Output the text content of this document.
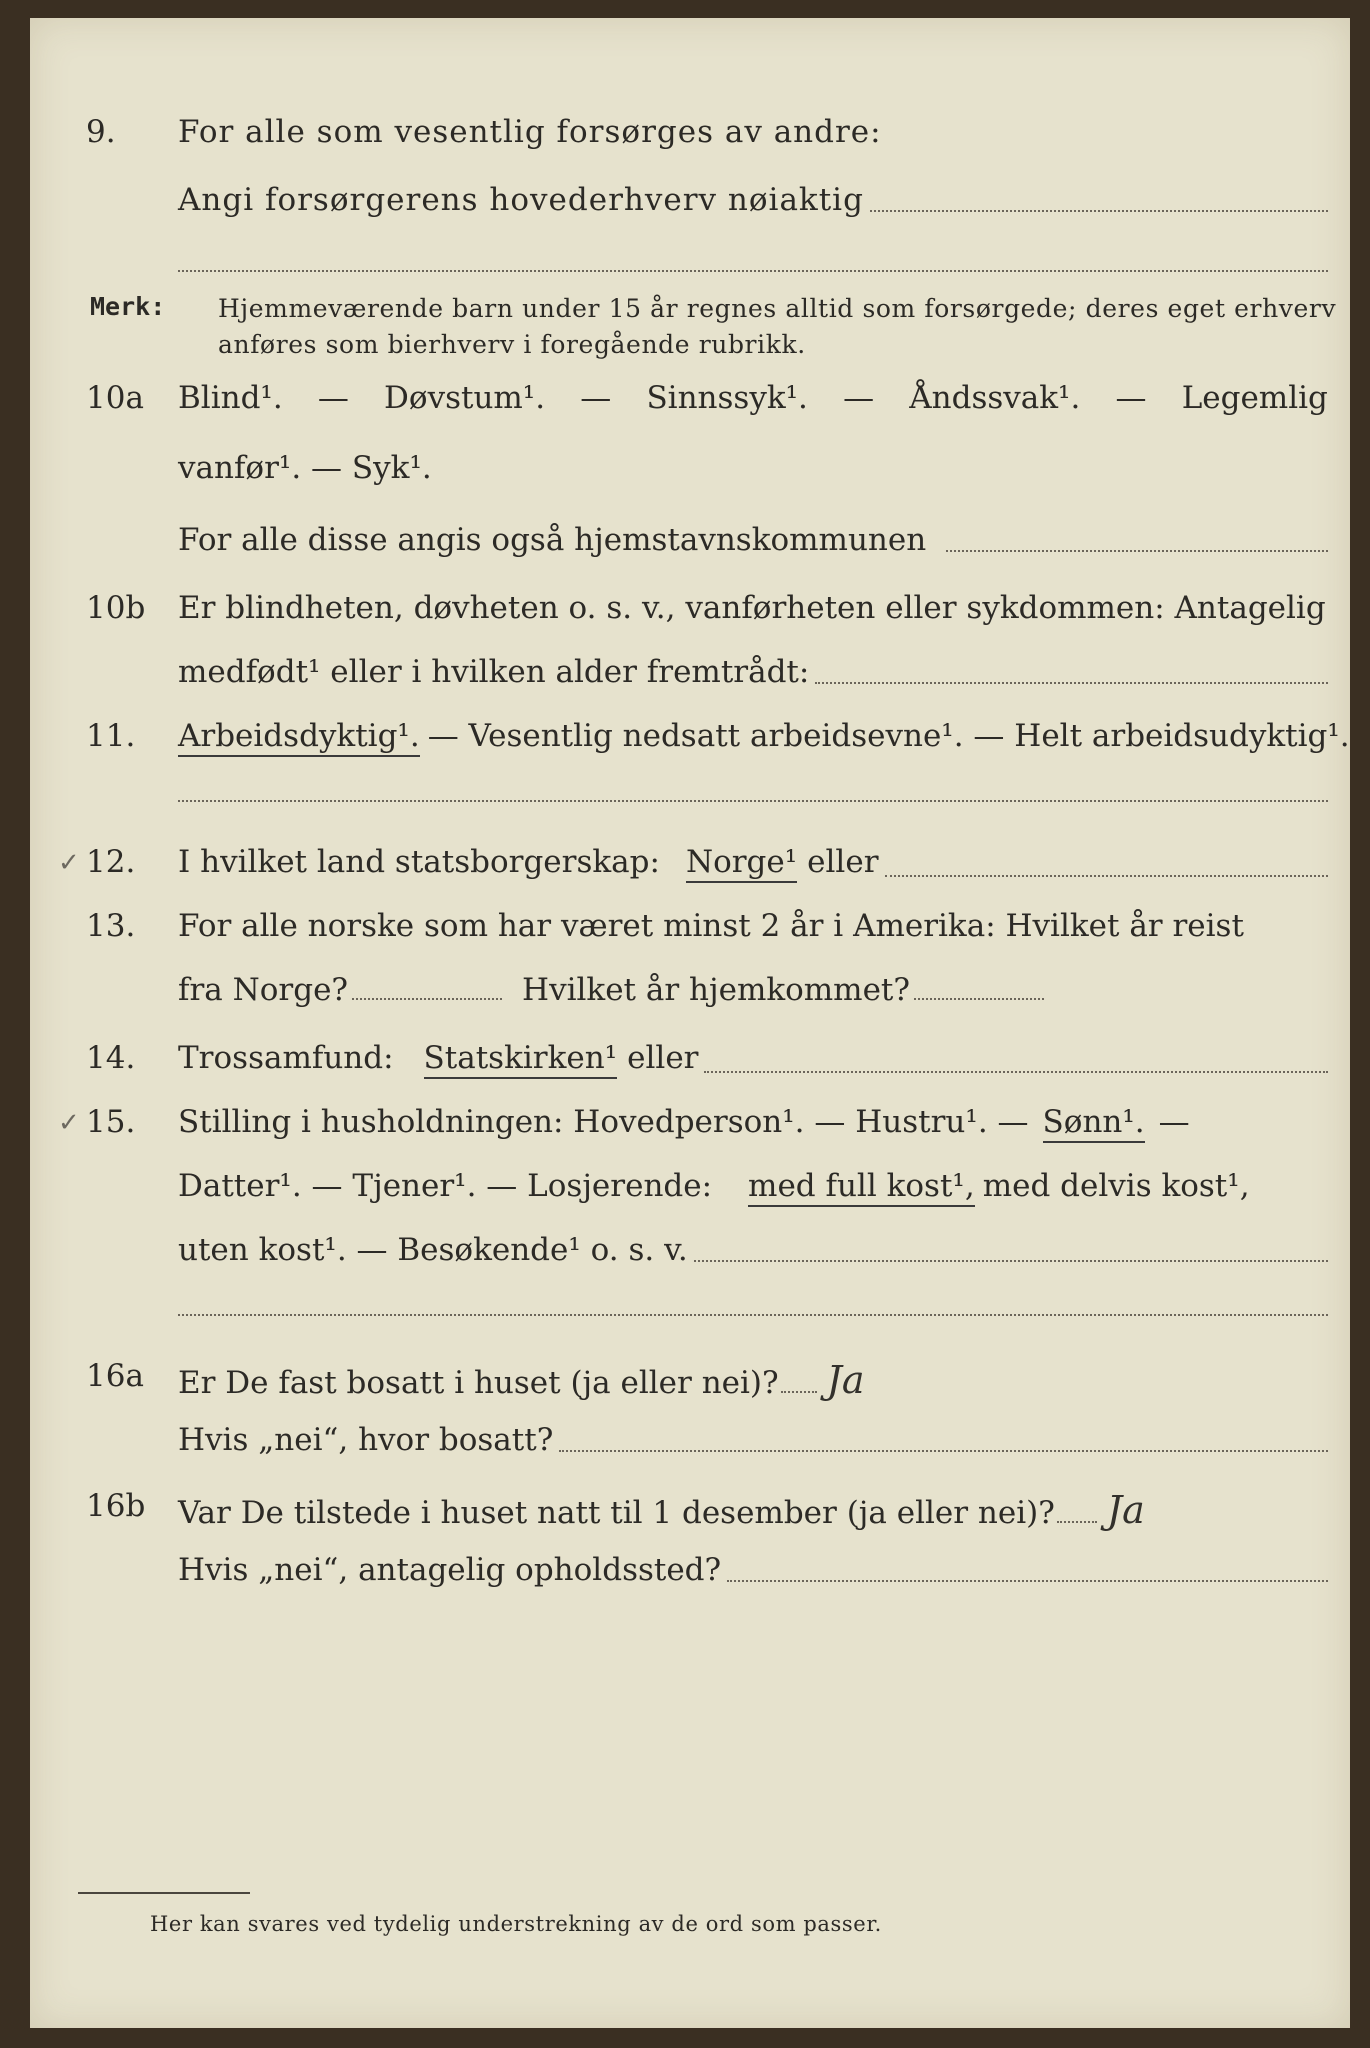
9. For alle som vesentlig forsørges av andre:
Angi forsørgerens hovederhverv nøiaktig
Merk: Hjemmeværende barn under 15 år regnes alltid som forsørgede; deres eget erhverv
anføres som bierhverv i foregående rubrikk.
10a Blind¹. — Døvstum¹. — Sinnssyk¹. — Åndssvak¹. — Legemlig
vanfør¹. — Syk¹.
For alle disse angis også hjemstavnskommunen
10b Er blindheten, døvheten o. s. v., vanførheten eller sykdommen: Antagelig
medfødt¹ eller i hvilken alder fremtrådt:
11. Arbeidsdyktig¹. — Vesentlig nedsatt arbeidsevne¹. — Helt arbeidsudyktig¹.
✓ 12. I hvilket land statsborgerskap: Norge¹ eller
13. For alle norske som har været minst 2 år i Amerika: Hvilket år reist
fra Norge?	Hvilket år hjemkommet?
14. Trossamfund: Statskirken¹ eller
✓ 15. Stilling i husholdningen: Hovedperson¹. — Hustru¹. — Sønn¹. —
Datter¹. — Tjener¹. — Losjerende: med full kost¹, med delvis kost¹,
uten kost¹. — Besøkende¹ o. s. v.
16a Er De fast bosatt i huset (ja eller nei)? Ja
Hvis „nei“, hvor bosatt?
16b Var De tilstede i huset natt til 1 desember (ja eller nei)? Ja
Hvis „nei“, antagelig opholdssted?
Her kan svares ved tydelig understrekning av de ord som passer.
